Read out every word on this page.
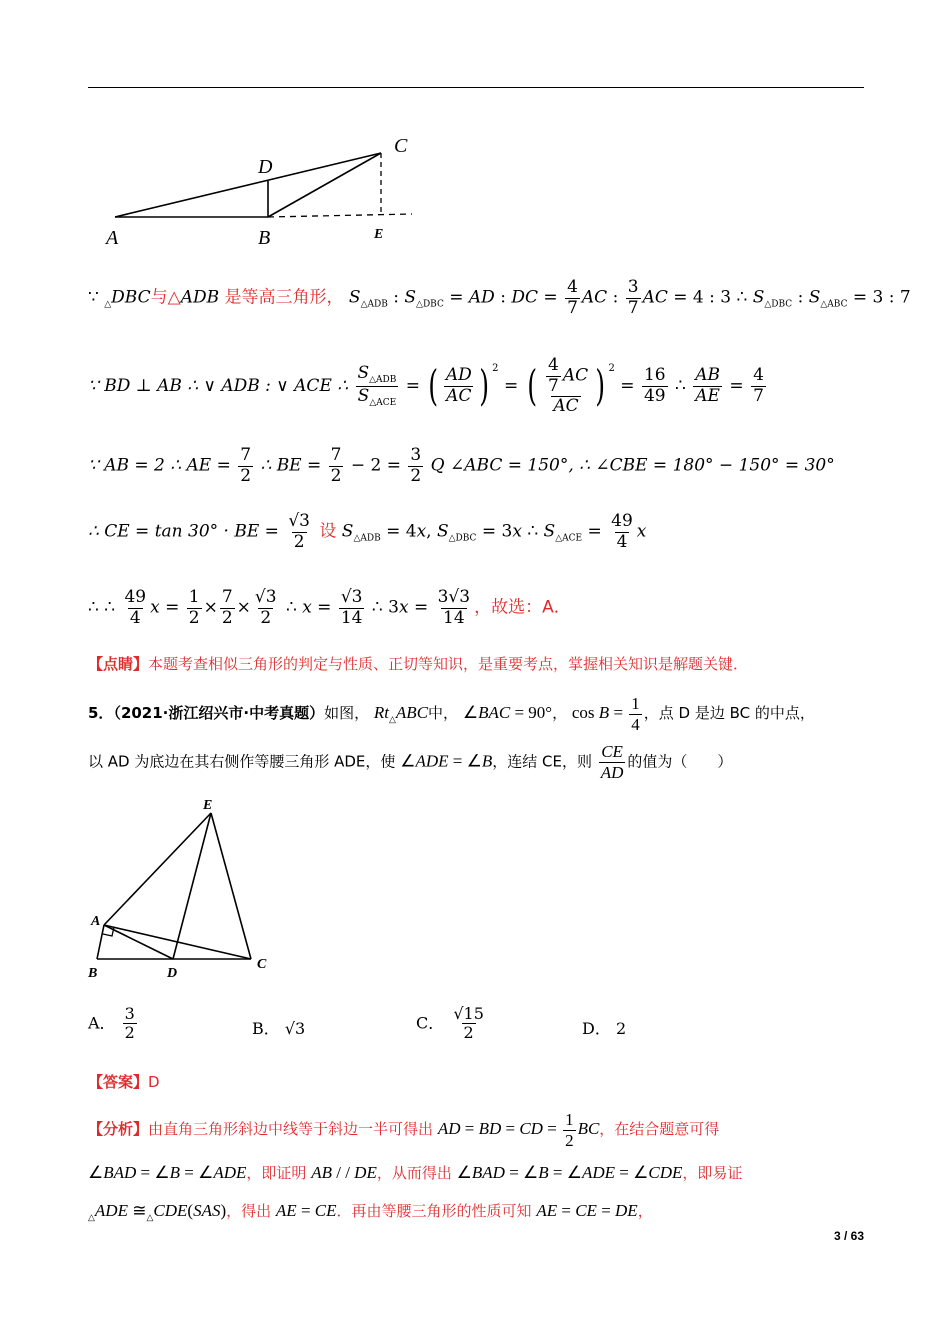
A	B
D
C
E
∵ $_\triangle$DBC与△ADB 是等高三角形， $S_{\triangle ADB}$ : $S_{\triangle DBC}$ = AD : DC = $\frac{4}{7}$ AC : $\frac{3}{7}$ AC = 4 : 3 ∴ $S_{\triangle DBC}$ : $S_{\triangle ABC} = 3$ : 7
∵ BD ⊥ AB ∴ ∨ ADB : ∨ ACE ∴ $\frac{S_{\triangle ADB}}{S_{\triangle ACE}}$ = ( $\frac{AD}{AC}$ ) $^2$ = ( $\frac{\frac{4}{7} AC}{AC}$ ) $^2 = \frac{16}{49}$ ∴ $\frac{AB}{AE} = \frac{4}{7}$
∵ AB = 2 ∴ AE = $\frac{7}{2}$ ∴ BE = $\frac{7}{2} - 2 = \frac{3}{2}$ Q ∠ABC = 150°, ∴ ∠CBE = 180° − 150° = 30°
∴ CE = tan 30° · BE = $\frac{√3}{2}$ 设 $S_{\triangle ADB} = 4x$, $S_{\triangle DBC} = 3x$ ∴ $S_{\triangle ACE} = \frac{49}{4}$ x
∴ ∴ $\frac{49}{4}$ $x = \frac{1}{2} \times \frac{7}{2} \times \frac{√3}{2}$ ∴ $x = \frac{√3}{14}$ ∴ $3x = \frac{3√3}{14}$ ，故选：A．
【点睛】本题考查相似三角形的判定与性质、正切等知识，是重要考点，掌握相关知识是解题关键．
5．（2021·浙江绍兴市·中考真题）如图， $Rt_\triangle ABC$中， ∠BAC = 90°， $\cos B = \frac{1}{4}$ ，点 D 是边 BC 的中点，
以 AD 为底边在其右侧作等腰三角形 ADE，使 ∠ADE = ∠B，连结 CE，则 $\frac{CE}{AD}$ 的值为（　　）
E
A
B	D
C
A． $\frac{3}{2}$	B． √3	C． $\frac{√15}{2}$	D． 2
【答案】D
【分析】由直角三角形斜边中线等于斜边一半可得出 AD = BD = CD = $\frac{1}{2}$ BC，在结合题意可得
∠BAD = ∠B = ∠ADE，即证明 AB / / DE，从而得出 ∠BAD = ∠B = ∠ADE = ∠CDE，即易证
$_\triangle$ADE $≅_\triangle CDE(SAS)$，得出 AE = CE．再由等腰三角形的性质可知 AE = CE = DE，
3 / 63
